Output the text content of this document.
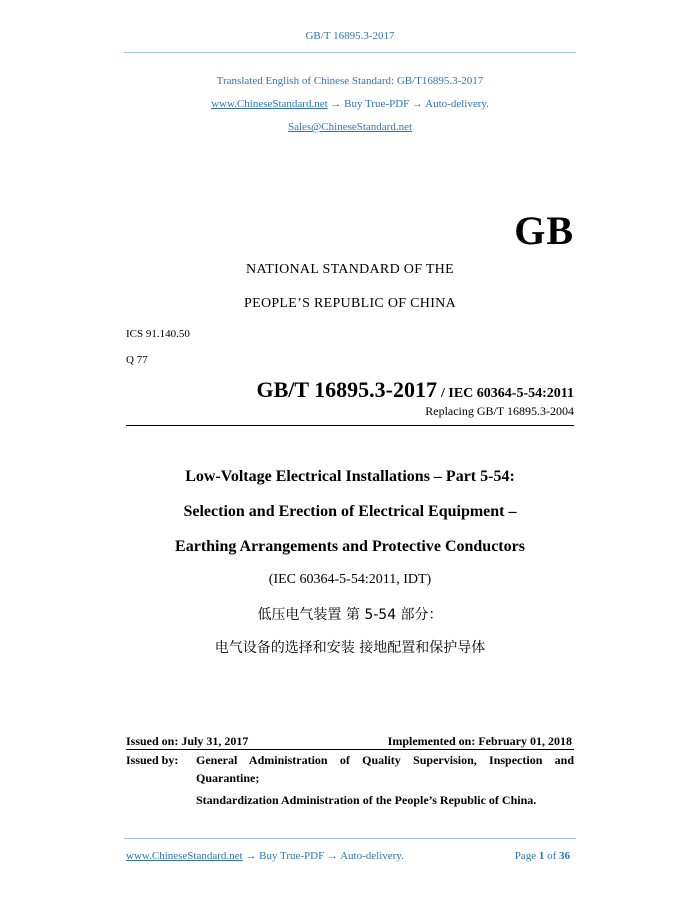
GB/T 16895.3-2017
Translated English of Chinese Standard: GB/T16895.3-2017
www.ChineseStandard.net → Buy True-PDF → Auto-delivery.
Sales@ChineseStandard.net
GB
NATIONAL STANDARD OF THE
PEOPLE’S REPUBLIC OF CHINA
ICS 91.140.50
Q 77
GB/T 16895.3-2017 / IEC 60364-5-54:2011
Replacing GB/T 16895.3-2004
Low-Voltage Electrical Installations – Part 5-54:
Selection and Erection of Electrical Equipment –
Earthing Arrangements and Protective Conductors
(IEC 60364-5-54:2011, IDT)
低压电气装置 第 5-54 部分：
电气设备的选择和安装 接地配置和保护导体
Issued on: July 31, 2017	Implemented on: February 01, 2018
Issued by: General Administration of Quality Supervision, Inspection and
Quarantine;
Standardization Administration of the People’s Republic of China.
www.ChineseStandard.net → Buy True-PDF → Auto-delivery.	Page 1 of 36
